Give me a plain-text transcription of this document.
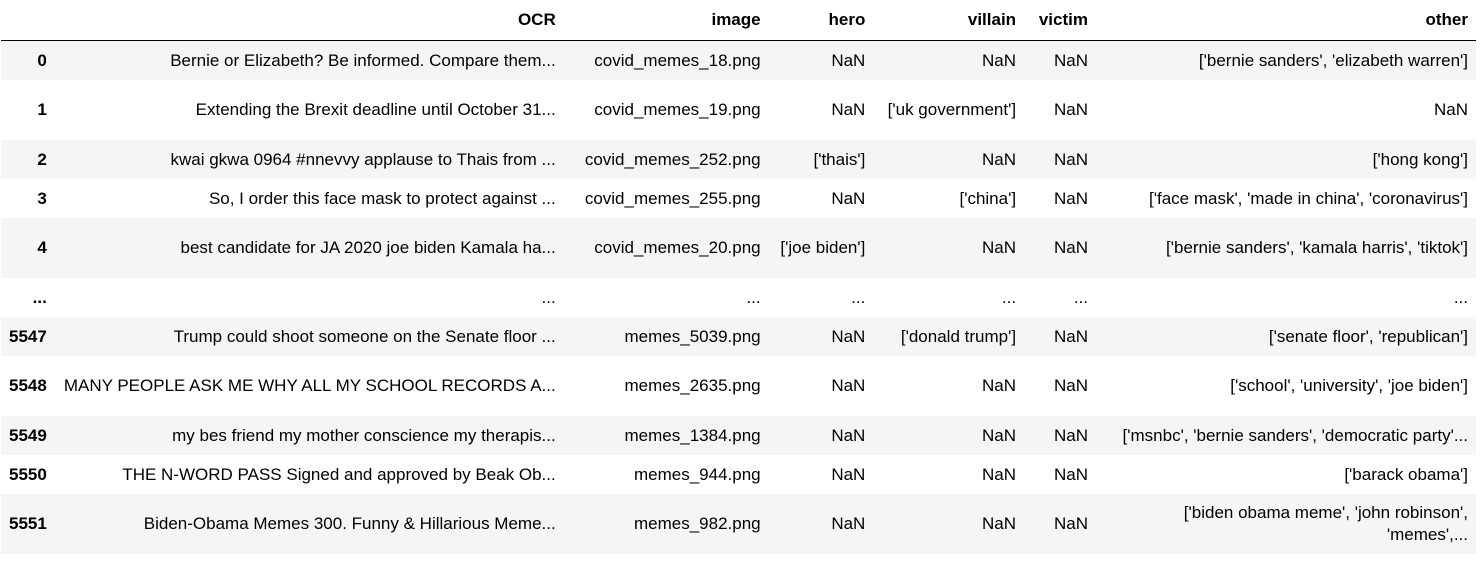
	OCR	image	hero	villain	victim	other
0	Bernie or Elizabeth? Be informed. Compare them...	covid_memes_18.png	NaN	NaN	NaN	['bernie sanders', 'elizabeth warren']
1	Extending the Brexit deadline until October 31...	covid_memes_19.png	NaN	['uk government']	NaN	NaN
2	kwai gkwa 0964 #nnevvy applause to Thais from ...	covid_memes_252.png	['thais']	NaN	NaN	['hong kong']
3	So, I order this face mask to protect against ...	covid_memes_255.png	NaN	['china']	NaN	['face mask', 'made in china', 'coronavirus']
4	best candidate for JA 2020 joe biden Kamala ha...	covid_memes_20.png	['joe biden']	NaN	NaN	['bernie sanders', 'kamala harris', 'tiktok']
...	...	...	...	...	...	...
5547	Trump could shoot someone on the Senate floor ...	memes_5039.png	NaN	['donald trump']	NaN	['senate floor', 'republican']
5548	MANY PEOPLE ASK ME WHY ALL MY SCHOOL RECORDS A...	memes_2635.png	NaN	NaN	NaN	['school', 'university', 'joe biden']
5549	my bes friend my mother conscience my therapis...	memes_1384.png	NaN	NaN	NaN	['msnbc', 'bernie sanders', 'democratic party'...
5550	THE N-WORD PASS Signed and approved by Beak Ob...	memes_944.png	NaN	NaN	NaN	['barack obama']
5551	Biden-Obama Memes 300. Funny & Hillarious Meme...	memes_982.png	NaN	NaN	NaN	['biden obama meme', 'john robinson', 'memes',...
